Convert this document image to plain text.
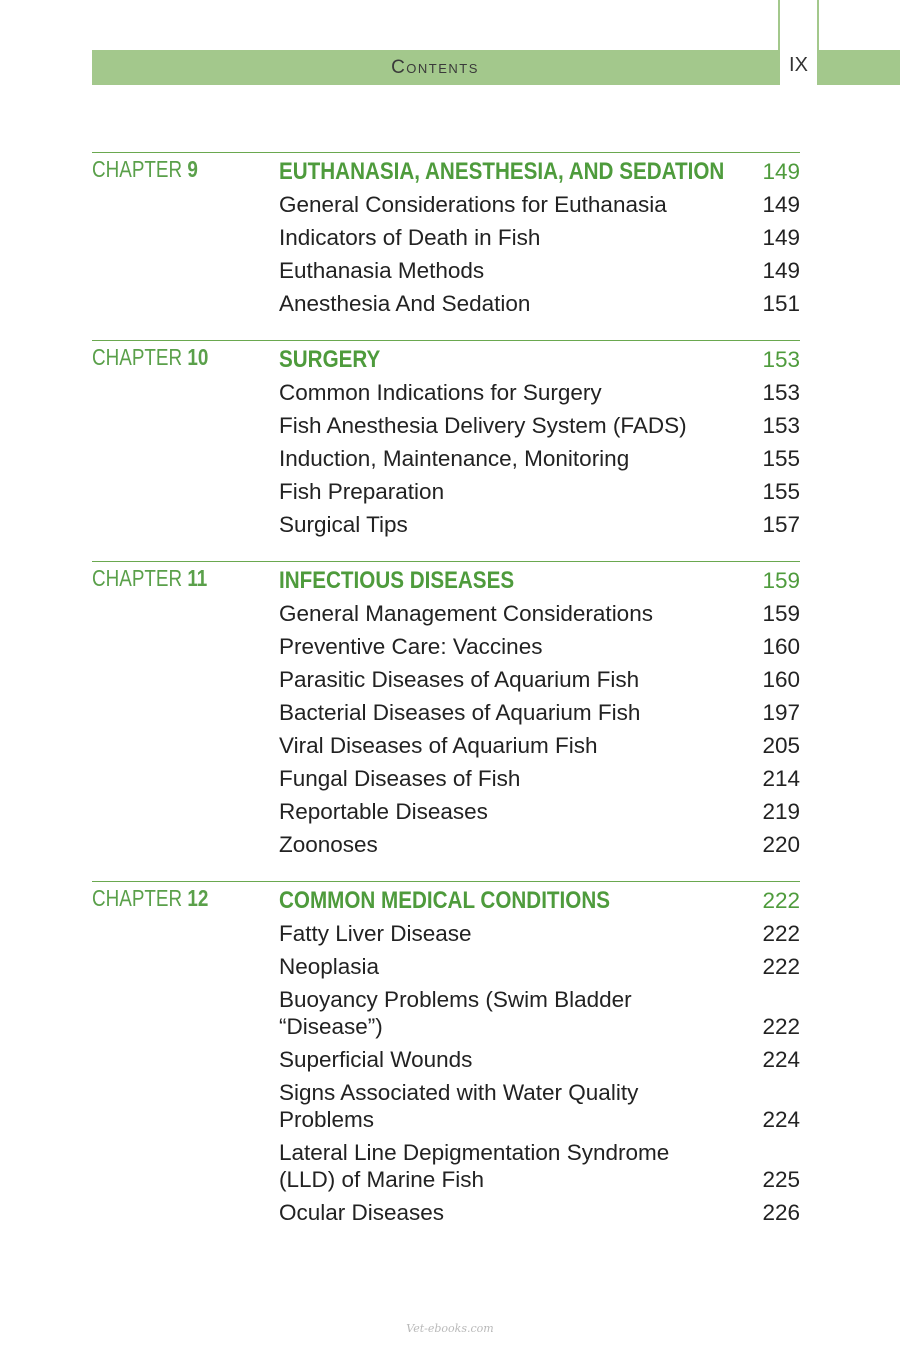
Contents	IX
CHAPTER 9	EUTHANASIA, ANESTHESIA, AND SEDATION 149
General Considerations for Euthanasia	149
Indicators of Death in Fish	149
Euthanasia Methods	149
Anesthesia And Sedation	151
CHAPTER 10	SURGERY	153
Common Indications for Surgery	153
Fish Anesthesia Delivery System (FADS)	153
Induction, Maintenance, Monitoring	155
Fish Preparation	155
Surgical Tips	157
CHAPTER 11	INFECTIOUS DISEASES	159
General Management Considerations	159
Preventive Care: Vaccines	160
Parasitic Diseases of Aquarium Fish	160
Bacterial Diseases of Aquarium Fish	197
Viral Diseases of Aquarium Fish	205
Fungal Diseases of Fish	214
Reportable Diseases	219
Zoonoses	220
CHAPTER 12	COMMON MEDICAL CONDITIONS	222
Fatty Liver Disease	222
Neoplasia	222
Buoyancy Problems (Swim Bladder “Disease”)	222
Superficial Wounds	224
Signs Associated with Water Quality Problems	224
Lateral Line Depigmentation Syndrome (LLD) of Marine Fish	225
Ocular Diseases	226
Vet-ebooks.com
